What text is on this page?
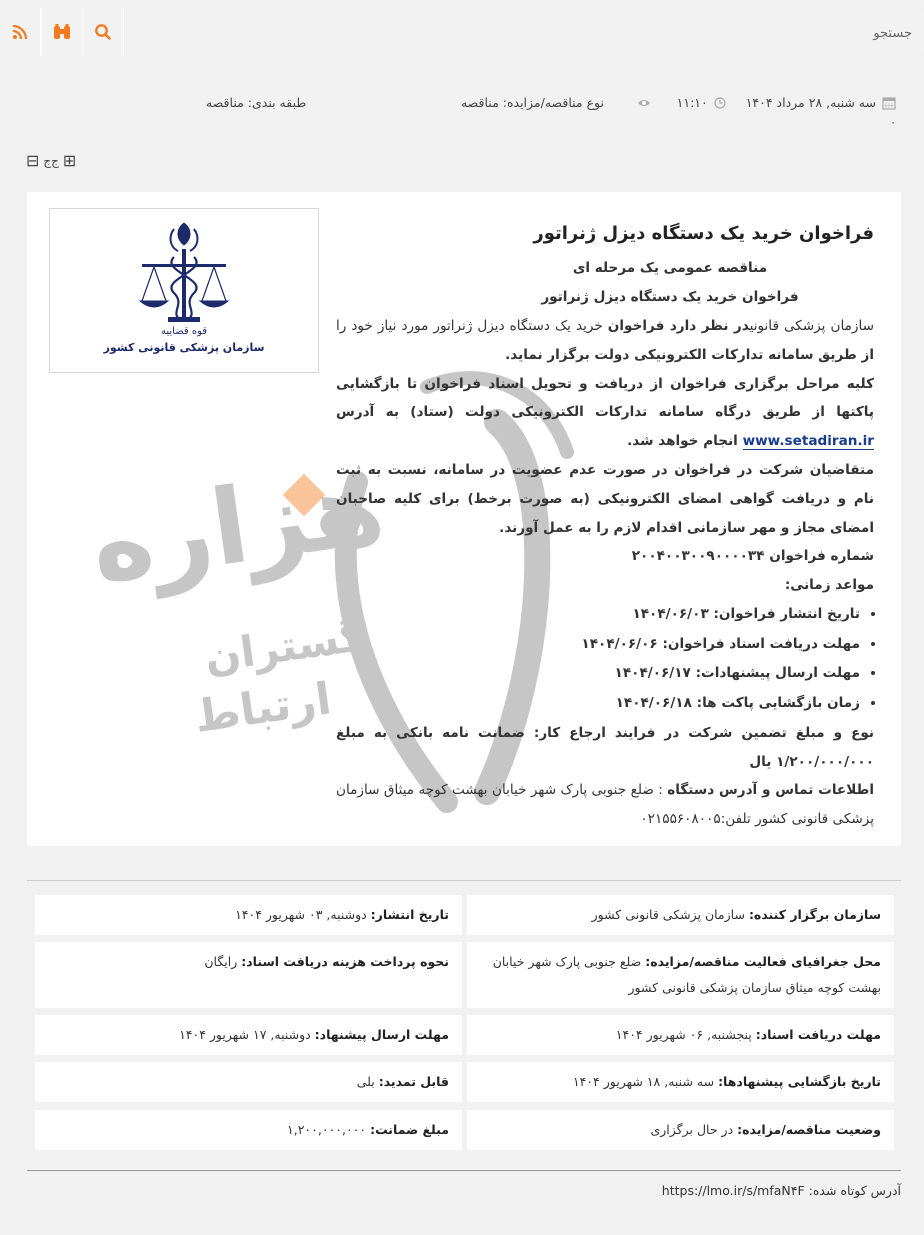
جستجو
سه شنبه, ۲۸ مرداد ۱۴۰۴
۱۱:۱۰
۰
نوع مناقصه/مزایده: مناقصه
طبقه بندی: مناقصه
⊟ ج‌ج ⊞
هزاره
ارتباط
گستران
قوه قضاییه
سازمان پزشکی قانونی کشور
فراخوان خرید یک دستگاه دیزل ژنراتور
مناقصه عمومی یک مرحله ای
فراخوان خرید یک دستگاه دیزل ژنراتور

سازمان پزشکی قانونیدر نظر دارد فراخوان خرید یک دستگاه دیزل ژنراتور مورد نیاز خود را از طریق سامانه تدارکات الکترونیکی دولت برگزار نماید.

کلیه مراحل برگزاری فراخوان از دریافت و تحویل اسناد فراخوان تا بازگشایی پاکتها از طریق درگاه سامانه تدارکات الکترونیکی دولت (ستاد) به آدرس www.setadiran.ir انجام خواهد شد.

متقاضیان شرکت در فراخوان در صورت عدم عضویت در سامانه، نسبت به ثبت نام و دریافت گواهی امضای الکترونیکی (به صورت برخط) برای کلیه صاحبان امضای مجاز و مهر سازمانی اقدام لازم را به عمل آورند.

شماره فراخوان ۲۰۰۴۰۰۳۰۰۹۰۰۰۰۳۴

مواعد زمانی:

• تاریخ انتشار فراخوان: ۱۴۰۴/۰۶/۰۳
• مهلت دریافت اسناد فراخوان: ۱۴۰۴/۰۶/۰۶
• مهلت ارسال پیشنهادات: ۱۴۰۴/۰۶/۱۷
• زمان بازگشایی پاکت ها: ۱۴۰۴/۰۶/۱۸

نوع و مبلغ تضمین شرکت در فرایند ارجاع کار: ضمانت نامه بانکی به مبلغ ۱/۲۰۰/۰۰۰/۰۰۰ یال

اطلاعات تماس و آدرس دستگاه : ضلع جنوبی پارک شهر خیابان بهشت کوچه میثاق سازمان پزشکی قانونی کشور تلفن:۰۲۱۵۵۶۰۸۰۰۵

سازمان برگزار کننده: سازمان پزشکی قانونی کشور
تاریخ انتشار: دوشنبه, ۰۳ شهریور ۱۴۰۴
محل جغرافیای فعالیت مناقصه/مزایده: ضلع جنوبی پارک شهر خیابان بهشت کوچه میثاق سازمان پزشکی قانونی کشور
نحوه پرداخت هزینه دریافت اسناد: رایگان
مهلت دریافت اسناد: پنجشنبه, ۰۶ شهریور ۱۴۰۴
مهلت ارسال پیشنهاد: دوشنبه, ۱۷ شهریور ۱۴۰۴
تاریخ بازگشایی پیشنهادها: سه شنبه, ۱۸ شهریور ۱۴۰۴
قابل تمدید: بلی
وضعیت مناقصه/مزایده: در حال برگزاری
مبلغ ضمانت: ۱,۲۰۰,۰۰۰,۰۰۰
آدرس کوتاه شده: https://lmo.ir/s/mfaN۴F
